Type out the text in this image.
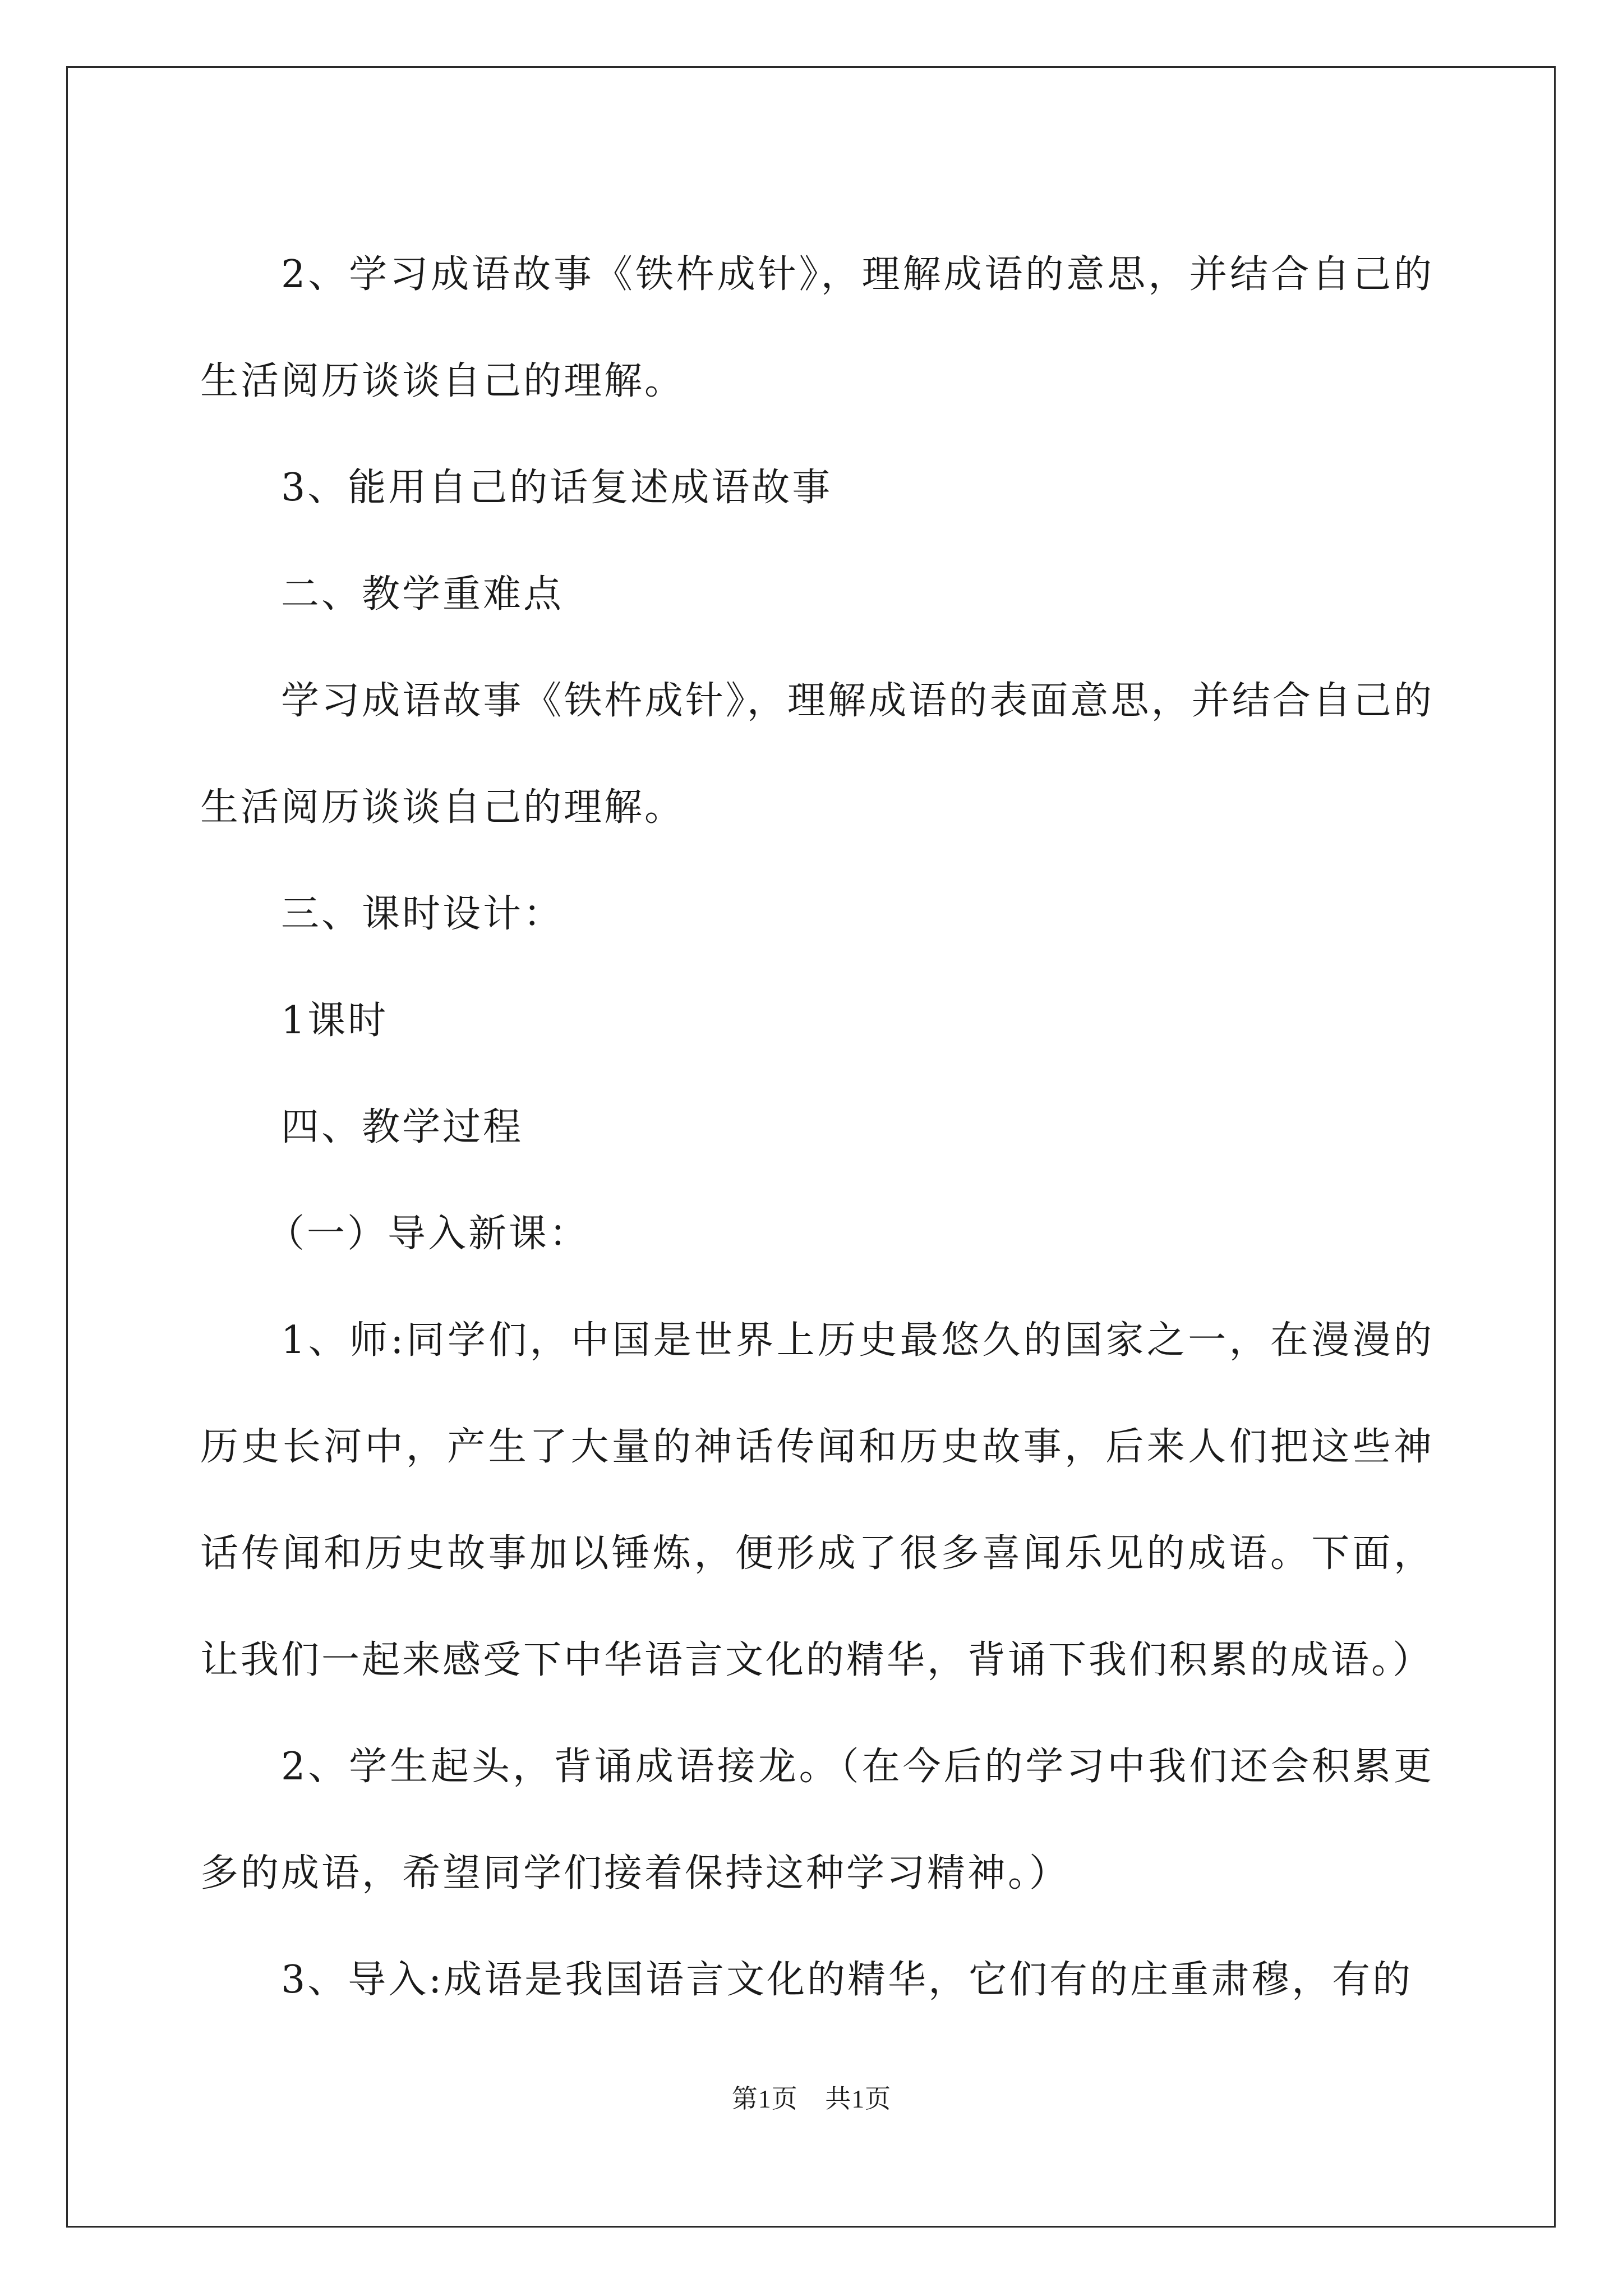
2、学习成语故事《铁杵成针》，理解成语的意思，并结合自己的生活阅历谈谈自己的理解。

3、能用自己的话复述成语故事

二、教学重难点

学习成语故事《铁杵成针》，理解成语的表面意思，并结合自己的生活阅历谈谈自己的理解。

三、课时设计：

1课时

四、教学过程

（一）导入新课：

1、师:同学们，中国是世界上历史最悠久的国家之一，在漫漫的历史长河中，产生了大量的神话传闻和历史故事，后来人们把这些神话传闻和历史故事加以锤炼，便形成了很多喜闻乐见的成语。下面，让我们一起来感受下中华语言文化的精华，背诵下我们积累的成语。）

2、学生起头，背诵成语接龙。（在今后的学习中我们还会积累更多的成语，希望同学们接着保持这种学习精神。）

3、导入:成语是我国语言文化的精华，它们有的庄重肃穆，有的

第1页 共1页
